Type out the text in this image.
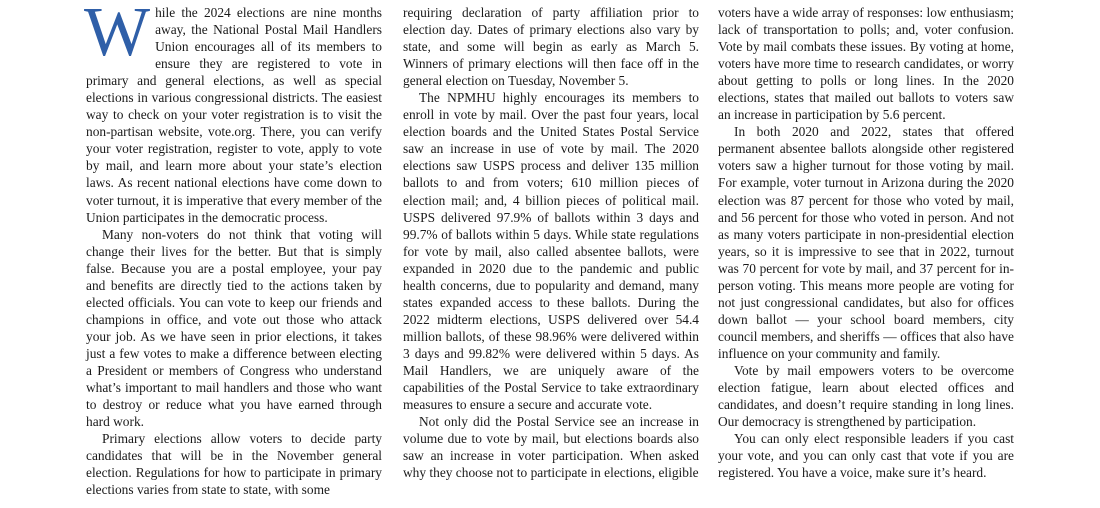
While the 2024 elections are nine months away, the National Postal Mail Handlers Union encourages all of its members to ensure they are registered to vote in primary and general elections, as well as special elections in various congressional districts. The easiest way to check on your voter registration is to visit the non-partisan website, vote.org. There, you can verify your voter registration, register to vote, apply to vote by mail, and learn more about your state’s election laws. As recent national elections have come down to voter turnout, it is imperative that every member of the Union participates in the democratic process.

Many non-voters do not think that voting will change their lives for the better. But that is simply false. Because you are a postal employee, your pay and benefits are directly tied to the actions taken by elected officials. You can vote to keep our friends and champions in office, and vote out those who attack your job. As we have seen in prior elections, it takes just a few votes to make a difference between electing a President or members of Congress who understand what’s important to mail handlers and those who want to destroy or reduce what you have earned through hard work.

Primary elections allow voters to decide party candidates that will be in the November general election. Regulations for how to participate in primary elections varies from state to state, with some

requiring declaration of party affiliation prior to election day. Dates of primary elections also vary by state, and some will begin as early as March 5. Winners of primary elections will then face off in the general election on Tuesday, November 5.

The NPMHU highly encourages its members to enroll in vote by mail. Over the past four years, local election boards and the United States Postal Service saw an increase in use of vote by mail. The 2020 elections saw USPS process and deliver 135 million ballots to and from voters; 610 million pieces of election mail; and, 4 billion pieces of political mail. USPS delivered 97.9% of ballots within 3 days and 99.7% of ballots within 5 days. While state regulations for vote by mail, also called absentee ballots, were expanded in 2020 due to the pandemic and public health concerns, due to popularity and demand, many states expanded access to these ballots. During the 2022 midterm elections, USPS delivered over 54.4 million ballots, of these 98.96% were delivered within 3 days and 99.82% were delivered within 5 days. As Mail Handlers, we are uniquely aware of the capabilities of the Postal Service to take extraordinary measures to ensure a secure and accurate vote.

Not only did the Postal Service see an increase in volume due to vote by mail, but elections boards also saw an increase in voter participation. When asked why they choose not to participate in elections, eligible

voters have a wide array of responses: low enthusiasm; lack of transportation to polls; and, voter confusion. Vote by mail combats these issues. By voting at home, voters have more time to research candidates, or worry about getting to polls or long lines. In the 2020 elections, states that mailed out ballots to voters saw an increase in participation by 5.6 percent.

In both 2020 and 2022, states that offered permanent absentee ballots alongside other registered voters saw a higher turnout for those voting by mail. For example, voter turnout in Arizona during the 2020 election was 87 percent for those who voted by mail, and 56 percent for those who voted in person. And not as many voters participate in non-presidential election years, so it is impressive to see that in 2022, turnout was 70 percent for vote by mail, and 37 percent for in-person voting. This means more people are voting for not just congressional candidates, but also for offices down ballot — your school board members, city council members, and sheriffs — offices that also have influence on your community and family.

Vote by mail empowers voters to be overcome election fatigue, learn about elected offices and candidates, and doesn’t require standing in long lines. Our democracy is strengthened by participation.

You can only elect responsible leaders if you cast your vote, and you can only cast that vote if you are registered. You have a voice, make sure it’s heard.
